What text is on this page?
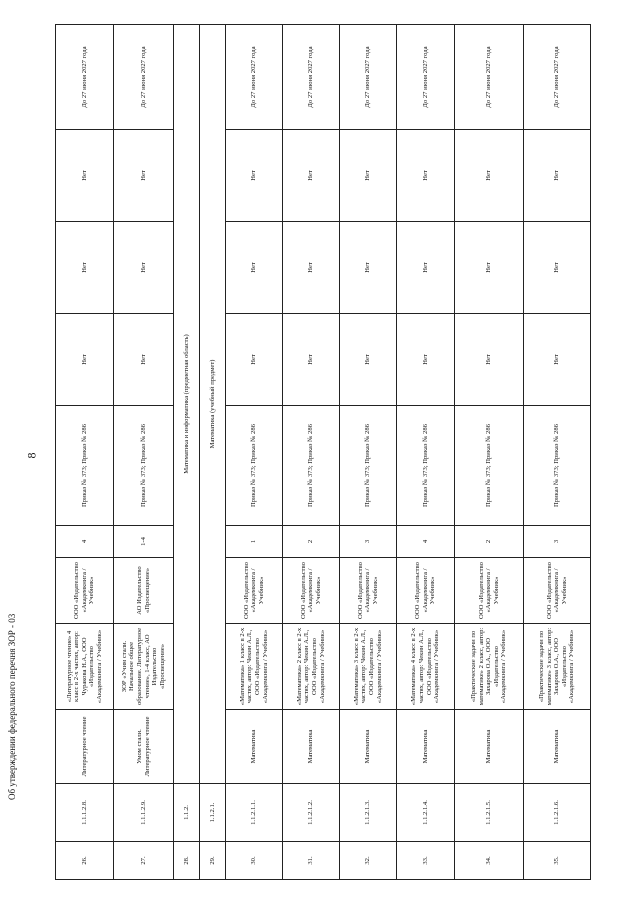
8
26.	1.1.1.2.8.	Литературное чтение	«Литературное чтение» 4 класс в 2-х частях, автор: Чуракова Н.А., ООО «Издательство «Академкнига / Учебник»	ООО «Издательство «Академкнига / Учебник»	4	Приказ № 373; Приказ № 286	Нет	Нет	Нет	До 27 июня 2027 года
27.	1.1.1.2.9.	Умом стали. Литературное чтение	ЗОР «Учим стали. Начальное общее образование. Литературное чтение», 1-4 класс, АО Издательство «Просвещение»	АО Издательство «Просвещение»	1-4	Приказ № 373; Приказ № 286	Нет	Нет	Нет	До 27 июня 2027 года
28.	1.1.2.	Математика и информатика (предметная область)								
29.	1.1.2.1.	Математика (учебный предмет)								
30.	1.1.2.1.1.	Математика	«Математика» 1 класс в 2-х частях, автор: Чекин А.Л., ООО «Издательство «Академкнига / Учебник»	ООО «Издательство «Академкнига / Учебник»	1	Приказ № 373; Приказ № 286	Нет	Нет	Нет	До 27 июня 2027 года
31.	1.1.2.1.2.	Математика	«Математика» 2 класс в 2-х частях, автор: Чекин А.Л., ООО «Издательство «Академкнига / Учебник»	ООО «Издательство «Академкнига / Учебник»	2	Приказ № 373; Приказ № 286	Нет	Нет	Нет	До 27 июня 2027 года
32.	1.1.2.1.3.	Математика	«Математика» 3 класс в 2-х частях, автор: Чекин А.Л., ООО «Издательство «Академкнига / Учебник»	ООО «Издательство «Академкнига / Учебник»	3	Приказ № 373; Приказ № 286	Нет	Нет	Нет	До 27 июня 2027 года
33.	1.1.2.1.4.	Математика	«Математика» 4 класс в 2-х частях, автор: Чекин А.Л., ООО «Издательство «Академкнига / Учебник»	ООО «Издательство «Академкнига / Учебник»	4	Приказ № 373; Приказ № 286	Нет	Нет	Нет	До 27 июня 2027 года
34.	1.1.2.1.5.	Математика	«Практические задачи по математике» 2 класс, автор: Захарова О.А., ООО «Издательство «Академкнига / Учебник»	ООО «Издательство «Академкнига / Учебник»	2	Приказ № 373; Приказ № 286	Нет	Нет	Нет	До 27 июня 2027 года
35.	1.1.2.1.6.	Математика	«Практические задачи по математике» 3 класс, автор: Захарова О.А., ООО «Издательство «Академкнига / Учебник»	ООО «Издательство «Академкнига / Учебник»	3	Приказ № 373; Приказ № 286	Нет	Нет	Нет	До 27 июня 2027 года
Об утверждении федерального перечня ЗОР - 03
